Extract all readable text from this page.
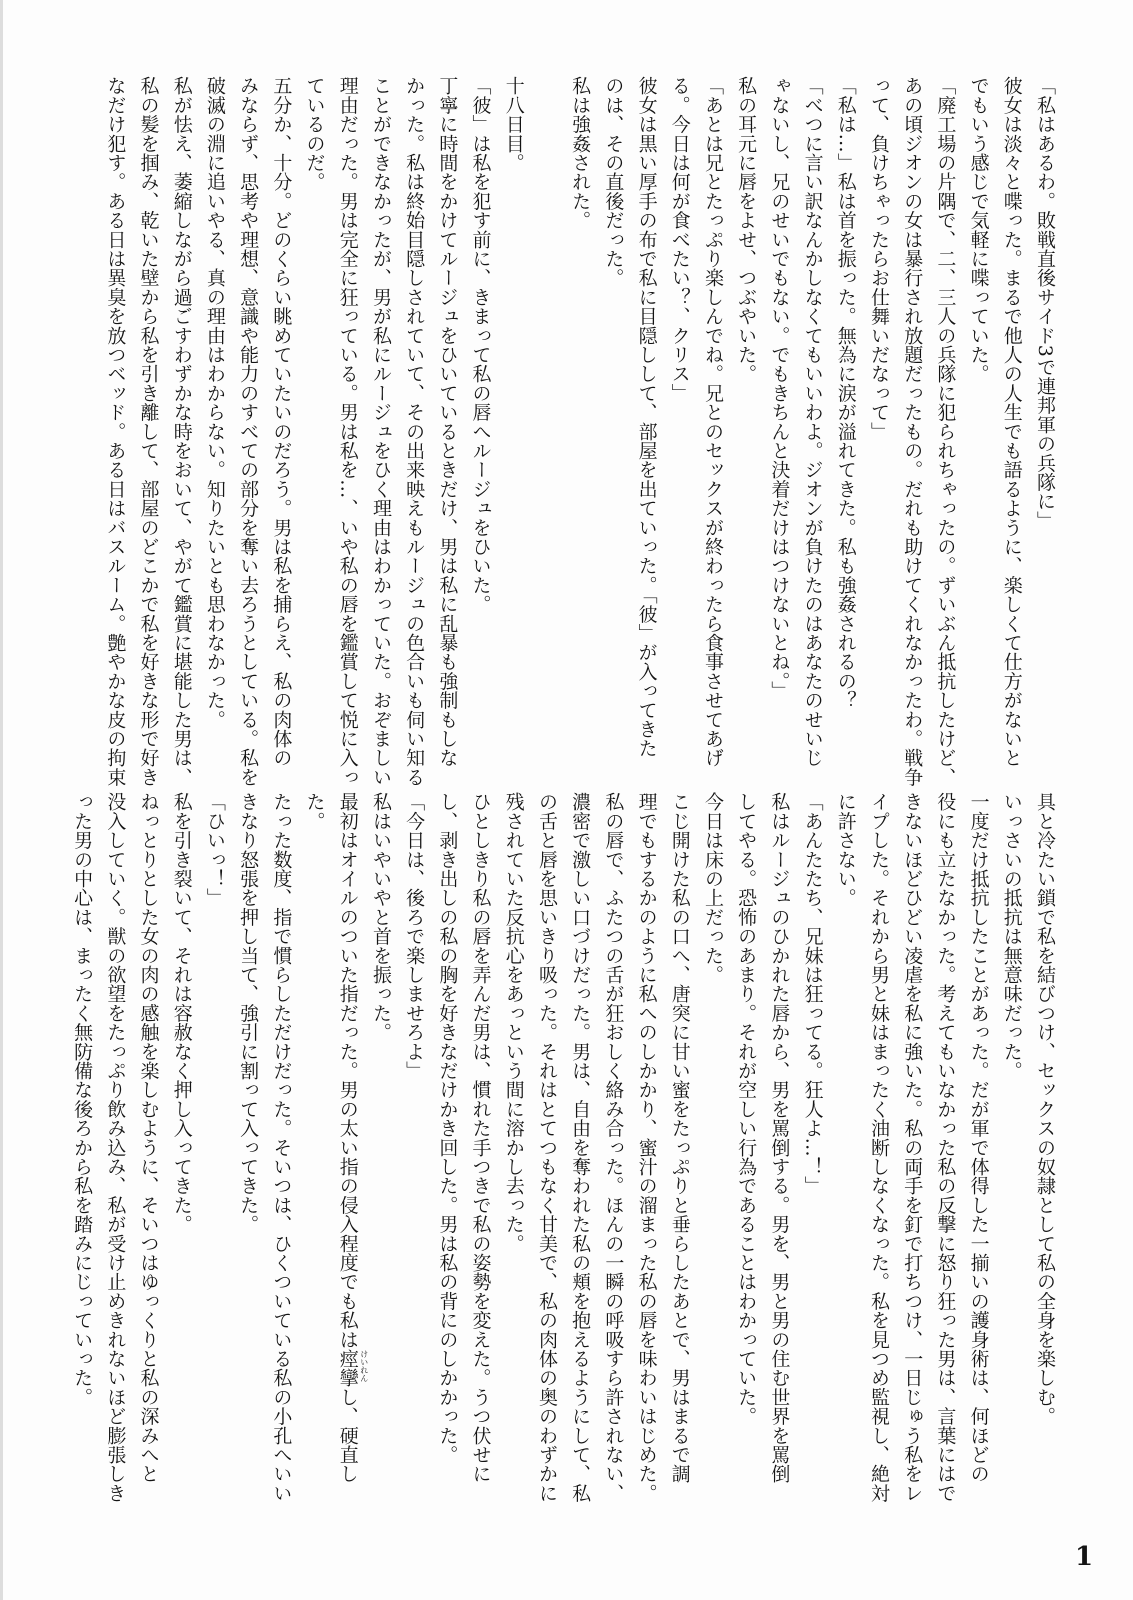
「私はあるわ。敗戦直後サイド3で連邦軍の兵隊に」
彼女は淡々と喋った。まるで他人の人生でも語るように、楽しくて仕方がないと
でもいう感じで気軽に喋っていた。
「廃工場の片隅で、二、三人の兵隊に犯られちゃったの。ずいぶん抵抗したけど、
あの頃ジオンの女は暴行され放題だったもの。だれも助けてくれなかったわ。戦争
って、負けちゃったらお仕舞いだなって」
「私は…」私は首を振った。無為に涙が溢れてきた。私も強姦されるの？
「べつに言い訳なんかしなくてもいいわよ。ジオンが負けたのはあなたのせいじ
ゃないし、兄のせいでもない。でもきちんと決着だけはつけないとね。」
私の耳元に唇をよせ、つぶやいた。
「あとは兄とたっぷり楽しんでね。兄とのセックスが終わったら食事させてあげ
る。今日は何が食べたい？、クリス」
彼女は黒い厚手の布で私に目隠しして、部屋を出ていった。「彼」が入ってきた
のは、その直後だった。
私は強姦された。
十八日目。
「彼」は私を犯す前に、きまって私の唇へルージュをひいた。
丁寧に時間をかけてルージュをひいているときだけ、男は私に乱暴も強制もしな
かった。私は終始目隠しされていて、その出来映えもルージュの色合いも伺い知る
ことができなかったが、男が私にルージュをひく理由はわかっていた。おぞましい
理由だった。男は完全に狂っている。男は私を…、いや私の唇を鑑賞して悦に入っ
ているのだ。
五分か、十分。どのくらい眺めていたいのだろう。男は私を捕らえ、私の肉体の
みならず、思考や理想、意識や能力のすべての部分を奪い去ろうとしている。私を
破滅の淵に追いやる、真の理由はわからない。知りたいとも思わなかった。
私が怯え、萎縮しながら過ごすわずかな時をおいて、やがて鑑賞に堪能した男は、
私の髪を掴み、乾いた壁から私を引き離して、部屋のどこかで私を好きな形で好き
なだけ犯す。ある日は異臭を放つベッド。ある日はバスルーム。艶やかな皮の拘束
具と冷たい鎖で私を結びつけ、セックスの奴隷として私の全身を楽しむ。
いっさいの抵抗は無意味だった。
一度だけ抵抗したことがあった。だが軍で体得した一揃いの護身術は、何ほどの
役にも立たなかった。考えてもいなかった私の反撃に怒り狂った男は、言葉にはで
きないほどひどい凌虐を私に強いた。私の両手を釘で打ちつけ、一日じゅう私をレ
イプした。それから男と妹はまったく油断しなくなった。私を見つめ監視し、絶対
に許さない。
「あんたたち、兄妹は狂ってる。狂人よ…！」
私はルージュのひかれた唇から、男を罵倒する。男を、男と男の住む世界を罵倒
してやる。恐怖のあまり。それが空しい行為であることはわかっていた。
今日は床の上だった。
こじ開けた私の口へ、唐突に甘い蜜をたっぷりと垂らしたあとで、男はまるで調
理でもするかのように私へのしかかり、蜜汁の溜まった私の唇を味わいはじめた。
私の唇で、ふたつの舌が狂おしく絡み合った。ほんの一瞬の呼吸すら許されない、
濃密で激しい口づけだった。男は、自由を奪われた私の頬を抱えるようにして、私
の舌と唇を思いきり吸った。それはとてつもなく甘美で、私の肉体の奥のわずかに
残されていた反抗心をあっという間に溶かし去った。
ひとしきり私の唇を弄んだ男は、慣れた手つきで私の姿勢を変えた。うつ伏せに
し、剥き出しの私の胸を好きなだけかき回した。男は私の背にのしかかった。
「今日は、後ろで楽しませろよ」
私はいやいやと首を振った。
最初はオイルのついた指だった。男の太い指の侵入程度でも私は痙攣し、硬直し
た。
たった数度、指で慣らしただけだった。そいつは、ひくついている私の小孔へいい
きなり怒張を押し当て、強引に割って入ってきた。
「ひいっ！」
私を引き裂いて、それは容赦なく押し入ってきた。
ねっとりとした女の肉の感触を楽しむように、そいつはゆっくりと私の深みへと
没入していく。獣の欲望をたっぷり飲み込み、私が受け止めきれないほど膨張しき
った男の中心は、まったく無防備な後ろから私を踏みにじっていった。	けいれん
1
